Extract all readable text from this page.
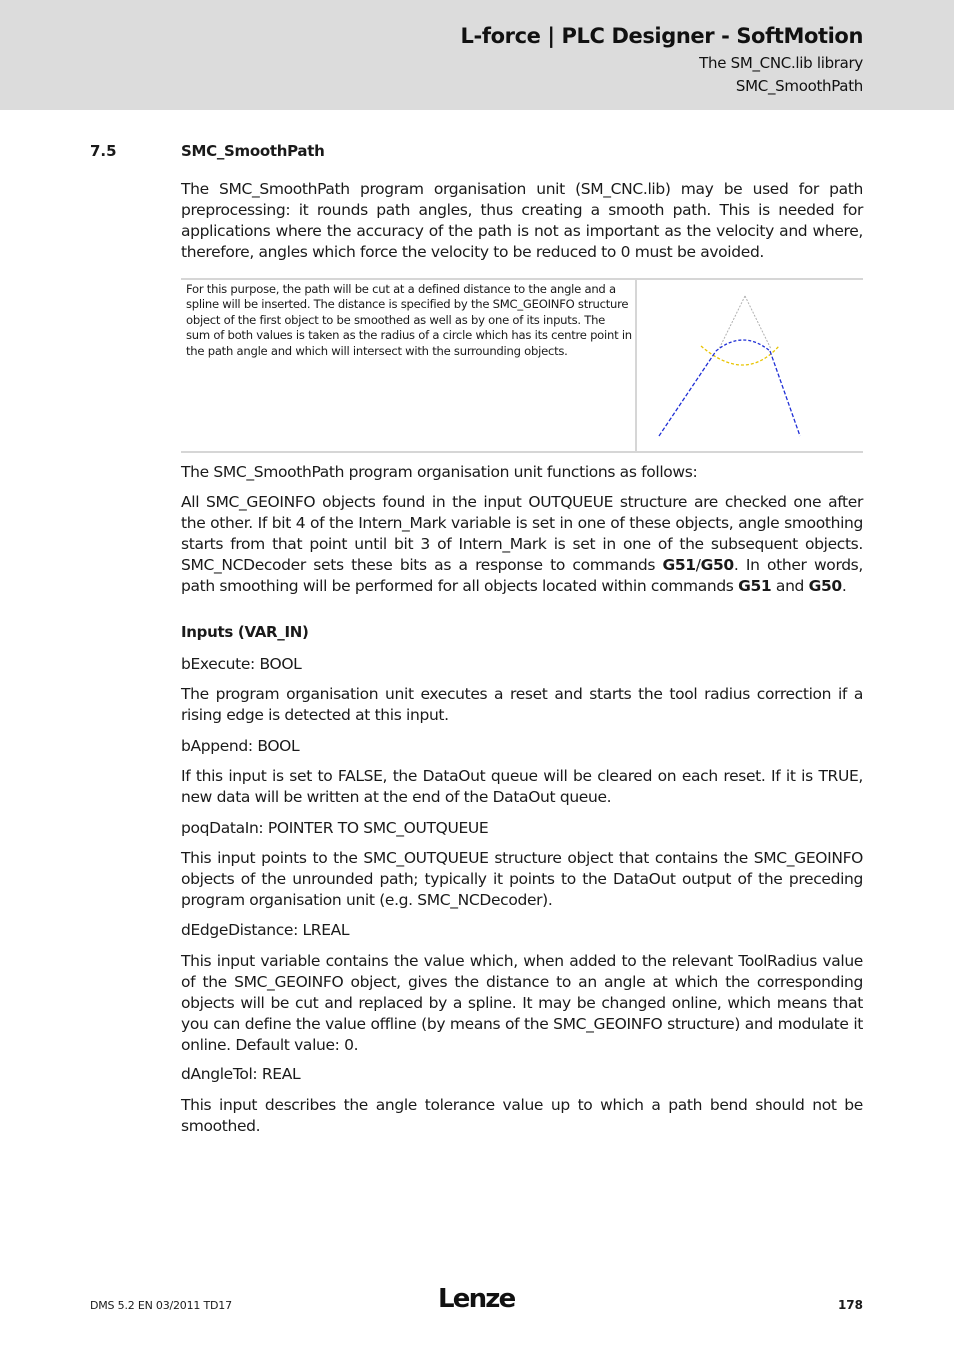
L-force | PLC Designer - SoftMotion
The SM_CNC.lib library
SMC_SmoothPath
7.5	SMC_SmoothPath
The SMC_SmoothPath program organisation unit (SM_CNC.lib) may be used for path preprocessing: it rounds path angles, thus creating a smooth path. This is needed for applications where the accuracy of the path is not as important as the velocity and where, therefore, angles which force the velocity to be reduced to 0 must be avoided.
For this purpose, the path will be cut at a defined distance to the angle and a spline will be inserted. The distance is specified by the SMC_GEOINFO structure object of the first object to be smoothed as well as by one of its inputs. The sum of both values is taken as the radius of a circle which has its centre point in the path angle and which will intersect with the surrounding objects.
The SMC_SmoothPath program organisation unit functions as follows:
All SMC_GEOINFO objects found in the input OUTQUEUE structure are checked one after the other. If bit 4 of the Intern_Mark variable is set in one of these objects, angle smoothing starts from that point until bit 3 of Intern_Mark is set in one of the subsequent objects. SMC_NCDecoder sets these bits as a response to commands G51/G50. In other words, path smoothing will be performed for all objects located within commands G51 and G50.
Inputs (VAR_IN)
bExecute: BOOL
The program organisation unit executes a reset and starts the tool radius correction if a rising edge is detected at this input.
bAppend: BOOL
If this input is set to FALSE, the DataOut queue will be cleared on each reset. If it is TRUE, new data will be written at the end of the DataOut queue.
poqDataIn: POINTER TO SMC_OUTQUEUE
This input points to the SMC_OUTQUEUE structure object that contains the SMC_GEOINFO objects of the unrounded path; typically it points to the DataOut output of the preceding program organisation unit (e.g. SMC_NCDecoder).
dEdgeDistance: LREAL
This input variable contains the value which, when added to the relevant ToolRadius value of the SMC_GEOINFO object, gives the distance to an angle at which the corresponding objects will be cut and replaced by a spline. It may be changed online, which means that you can define the value offline (by means of the SMC_GEOINFO structure) and modulate it online. Default value: 0.
dAngleTol: REAL
This input describes the angle tolerance value up to which a path bend should not be smoothed.
DMS 5.2 EN 03/2011 TD17	Lenze	178
